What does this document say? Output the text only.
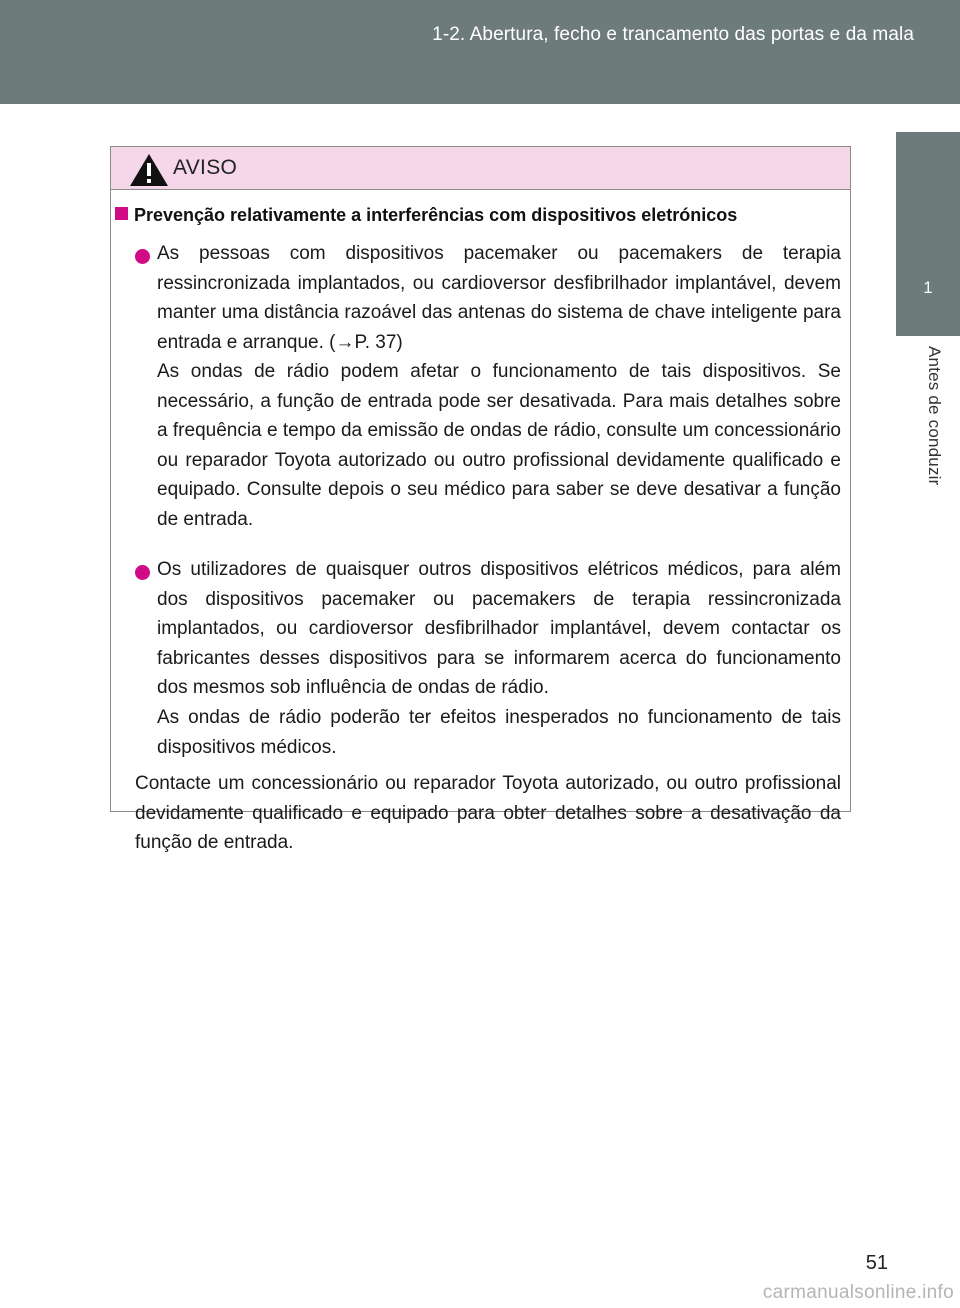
1-2. Abertura, fecho e trancamento das portas e da mala
1
Antes de conduzir
AVISO
Prevenção relativamente a interferências com dispositivos eletrónicos
As pessoas com dispositivos pacemaker ou pacemakers de terapia ressincronizada implantados, ou cardioversor desfibrilhador implantável, devem manter uma distância razoável das antenas do sistema de chave inteligente para entrada e arranque. (→P. 37)
As ondas de rádio podem afetar o funcionamento de tais dispositivos. Se necessário, a função de entrada pode ser desativada. Para mais detalhes sobre a frequência e tempo da emissão de ondas de rádio, consulte um concessionário ou reparador Toyota autorizado ou outro profissional devidamente qualificado e equipado. Consulte depois o seu médico para saber se deve desativar a função de entrada.
Os utilizadores de quaisquer outros dispositivos elétricos médicos, para além dos dispositivos pacemaker ou pacemakers de terapia ressincronizada implantados, ou cardioversor desfibrilhador implantável, devem contactar os fabricantes desses dispositivos para se informarem acerca do funcionamento dos mesmos sob influência de ondas de rádio.
As ondas de rádio poderão ter efeitos inesperados no funcionamento de tais dispositivos médicos.
Contacte um concessionário ou reparador Toyota autorizado, ou outro profissional devidamente qualificado e equipado para obter detalhes sobre a desativação da função de entrada.
51
carmanualsonline.info
